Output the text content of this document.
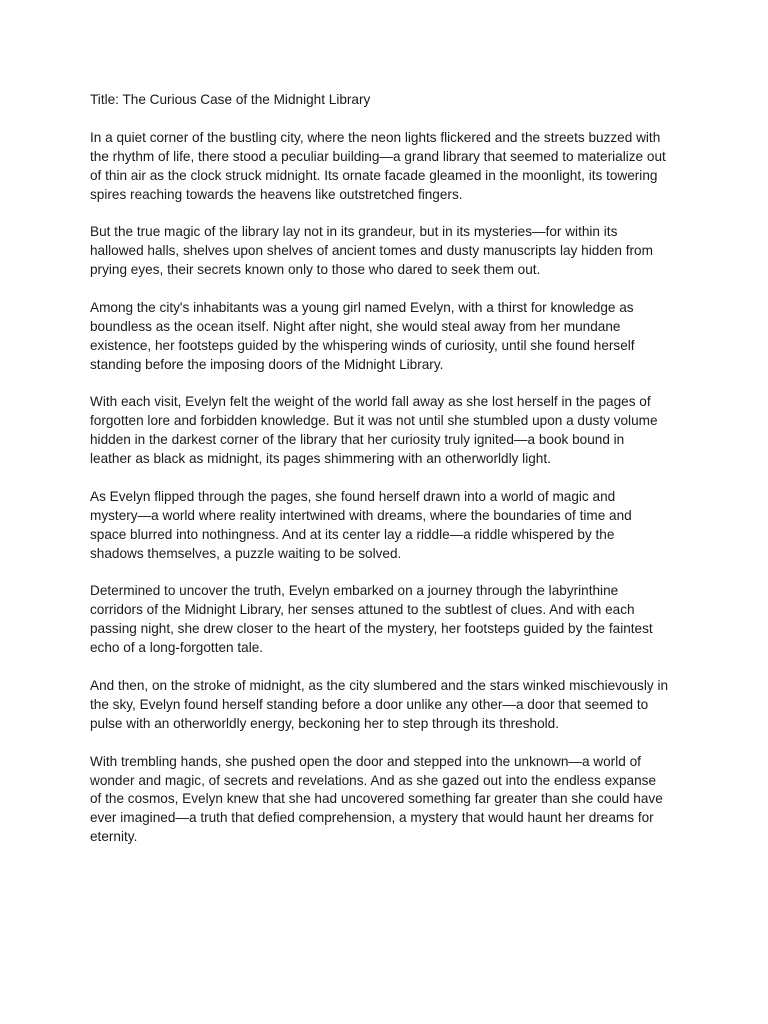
Title: The Curious Case of the Midnight Library

In a quiet corner of the bustling city, where the neon lights flickered and the streets buzzed with
the rhythm of life, there stood a peculiar building—a grand library that seemed to materialize out
of thin air as the clock struck midnight. Its ornate facade gleamed in the moonlight, its towering
spires reaching towards the heavens like outstretched fingers.

But the true magic of the library lay not in its grandeur, but in its mysteries—for within its
hallowed halls, shelves upon shelves of ancient tomes and dusty manuscripts lay hidden from
prying eyes, their secrets known only to those who dared to seek them out.

Among the city's inhabitants was a young girl named Evelyn, with a thirst for knowledge as
boundless as the ocean itself. Night after night, she would steal away from her mundane
existence, her footsteps guided by the whispering winds of curiosity, until she found herself
standing before the imposing doors of the Midnight Library.

With each visit, Evelyn felt the weight of the world fall away as she lost herself in the pages of
forgotten lore and forbidden knowledge. But it was not until she stumbled upon a dusty volume
hidden in the darkest corner of the library that her curiosity truly ignited—a book bound in
leather as black as midnight, its pages shimmering with an otherworldly light.

As Evelyn flipped through the pages, she found herself drawn into a world of magic and
mystery—a world where reality intertwined with dreams, where the boundaries of time and
space blurred into nothingness. And at its center lay a riddle—a riddle whispered by the
shadows themselves, a puzzle waiting to be solved.

Determined to uncover the truth, Evelyn embarked on a journey through the labyrinthine
corridors of the Midnight Library, her senses attuned to the subtlest of clues. And with each
passing night, she drew closer to the heart of the mystery, her footsteps guided by the faintest
echo of a long-forgotten tale.

And then, on the stroke of midnight, as the city slumbered and the stars winked mischievously in
the sky, Evelyn found herself standing before a door unlike any other—a door that seemed to
pulse with an otherworldly energy, beckoning her to step through its threshold.

With trembling hands, she pushed open the door and stepped into the unknown—a world of
wonder and magic, of secrets and revelations. And as she gazed out into the endless expanse
of the cosmos, Evelyn knew that she had uncovered something far greater than she could have
ever imagined—a truth that defied comprehension, a mystery that would haunt her dreams for
eternity.
